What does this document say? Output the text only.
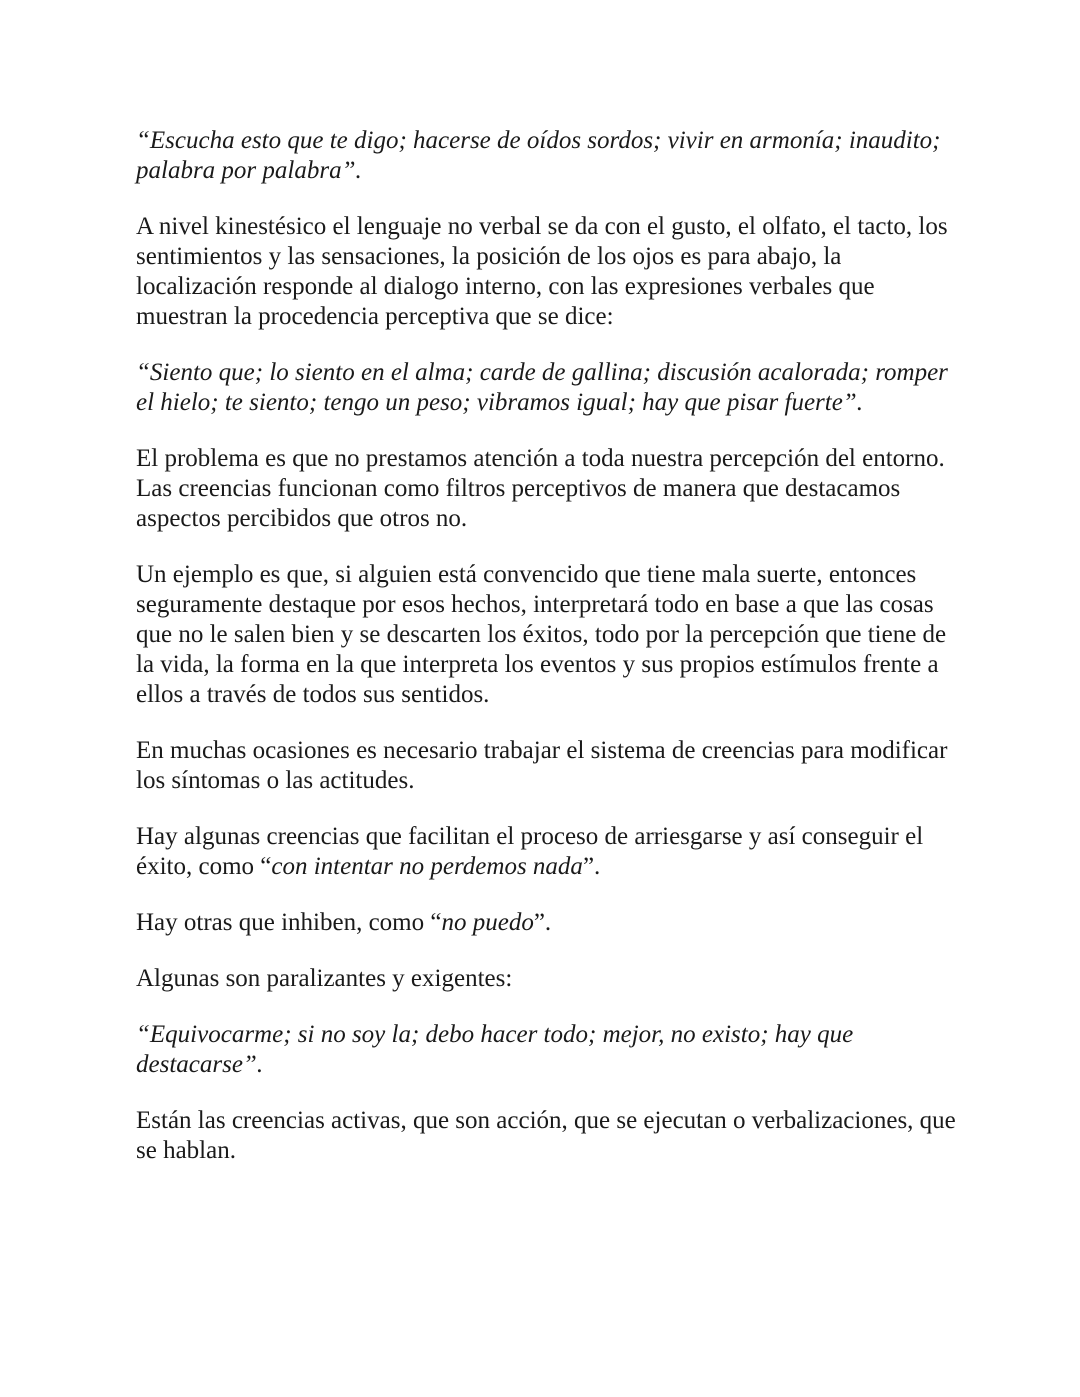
“Escucha esto que te digo; hacerse de oídos sordos; vivir en armonía; inaudito; palabra por palabra”.

A nivel kinestésico el lenguaje no verbal se da con el gusto, el olfato, el tacto, los sentimientos y las sensaciones, la posición de los ojos es para abajo, la localización responde al dialogo interno, con las expresiones verbales que muestran la procedencia perceptiva que se dice:

“Siento que; lo siento en el alma; carde de gallina; discusión acalorada; romper el hielo; te siento; tengo un peso; vibramos igual; hay que pisar fuerte”.

El problema es que no prestamos atención a toda nuestra percepción del entorno. Las creencias funcionan como filtros perceptivos de manera que destacamos aspectos percibidos que otros no.

Un ejemplo es que, si alguien está convencido que tiene mala suerte, entonces seguramente destaque por esos hechos, interpretará todo en base a que las cosas que no le salen bien y se descarten los éxitos, todo por la percepción que tiene de la vida, la forma en la que interpreta los eventos y sus propios estímulos frente a ellos a través de todos sus sentidos.

En muchas ocasiones es necesario trabajar el sistema de creencias para modificar los síntomas o las actitudes.

Hay algunas creencias que facilitan el proceso de arriesgarse y así conseguir el éxito, como “con intentar no perdemos nada”.

Hay otras que inhiben, como “no puedo”.

Algunas son paralizantes y exigentes:

“Equivocarme; si no soy la; debo hacer todo; mejor, no existo; hay que destacarse”.

Están las creencias activas, que son acción, que se ejecutan o verbalizaciones, que se hablan.
